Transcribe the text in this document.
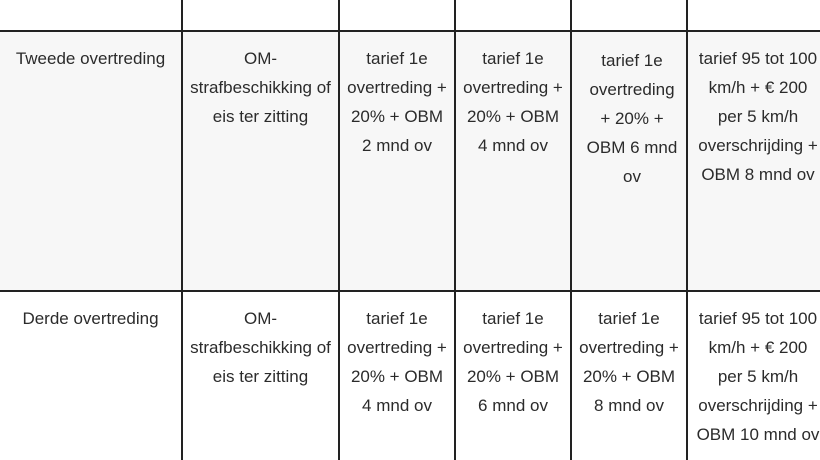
Tweede overtreding	OM-strafbeschikking of eis ter zitting	tarief 1e overtreding + 20% + OBM 2 mnd ov	tarief 1e overtreding + 20% + OBM 4 mnd ov	tarief 1e overtreding + 20% + OBM 6 mnd ov	tarief 95 tot 100 km/h + € 200 per 5 km/h overschrijding + OBM 8 mnd ov
Derde overtreding	OM-strafbeschikking of eis ter zitting	tarief 1e overtreding + 20% + OBM 4 mnd ov	tarief 1e overtreding + 20% + OBM 6 mnd ov	tarief 1e overtreding + 20% + OBM 8 mnd ov	tarief 95 tot 100 km/h + € 200 per 5 km/h overschrijding + OBM 10 mnd ov
